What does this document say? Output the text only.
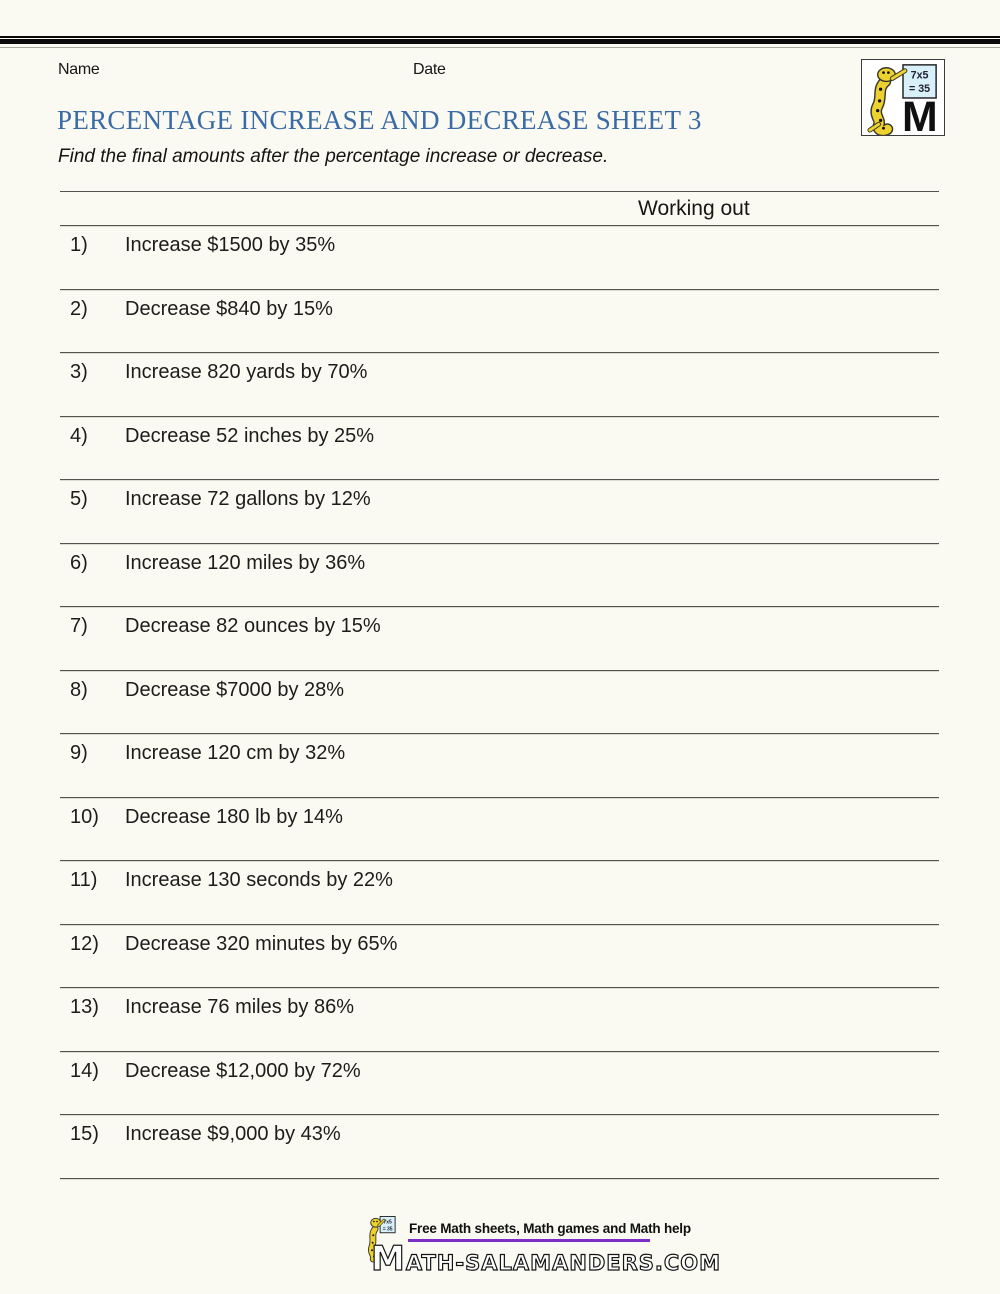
Name	Date	7x5
= 35
M
PERCENTAGE INCREASE AND DECREASE SHEET 3
Find the final amounts after the percentage increase or decrease.
Working out
1)	Increase $1500 by 35%
2)	Decrease $840 by 15%
3)	Increase 820 yards by 70%
4)	Decrease 52 inches by 25%
5)	Increase 72 gallons by 12%
6)	Increase 120 miles by 36%
7)	Decrease 82 ounces by 15%
8)	Decrease $7000 by 28%
9)	Increase 120 cm by 32%
10)	Decrease 180 lb by 14%
11)	Increase 130 seconds by 22%
12)	Decrease 320 minutes by 65%
13)	Increase 76 miles by 86%
14)	Decrease $12,000 by 72%
15)	Increase $9,000 by 43%
7x5
= 35 Free Math sheets, Math games and Math help
MATH-SALAMANDERS.COM
